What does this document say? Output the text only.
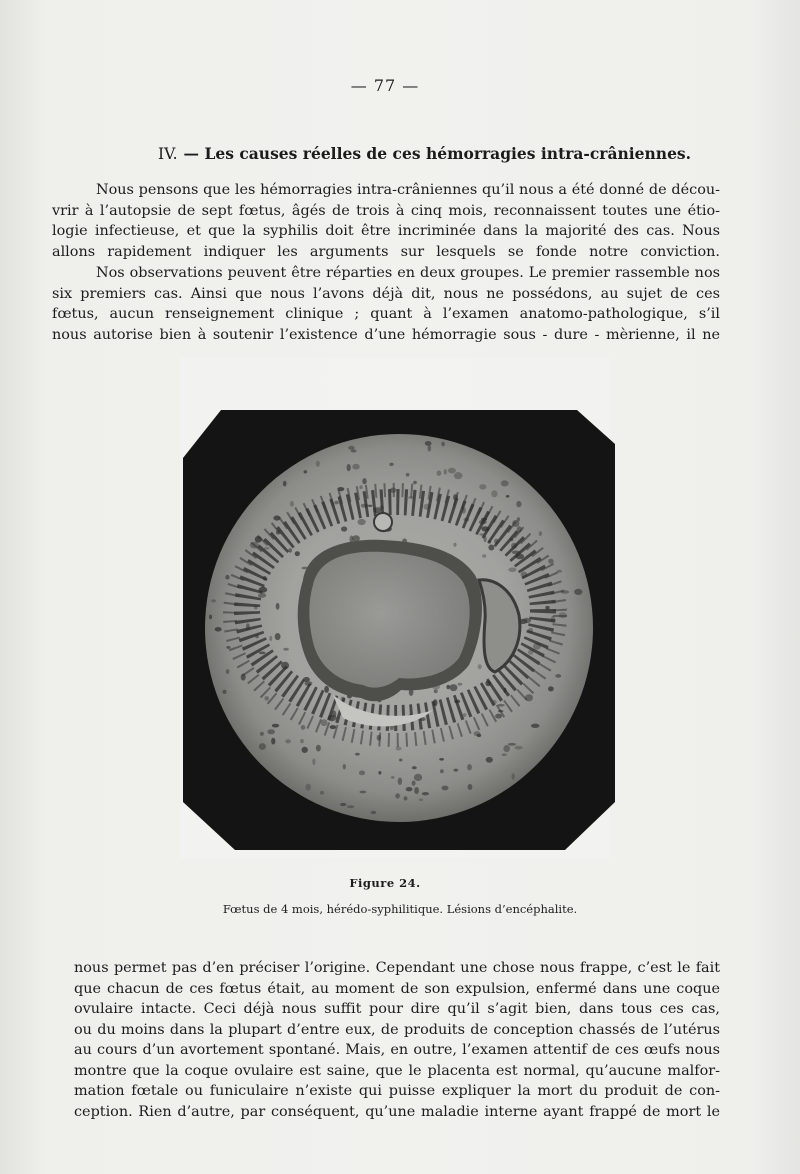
— 77 —
IV. — Les causes réelles de ces hémorragies intra-crâniennes.

Nous pensons que les hémorragies intra-crâniennes qu’il nous a été donné de décou-
vrir à l’autopsie de sept fœtus, âgés de trois à cinq mois, reconnaissent toutes une étio-
logie infectieuse, et que la syphilis doit être incriminée dans la majorité des cas. Nous
allons rapidement indiquer les arguments sur lesquels se fonde notre conviction.

Nos observations peuvent être réparties en deux groupes. Le premier rassemble nos
six premiers cas. Ainsi que nous l’avons déjà dit, nous ne possédons, au sujet de ces
fœtus, aucun renseignement clinique ; quant à l’examen anatomo-pathologique, s’il
nous autorise bien à soutenir l’existence d’une hémorragie sous - dure - mèrienne, il ne

Figure 24.
Fœtus de 4 mois, hérédo-syphilitique. Lésions d’encéphalite.

nous permet pas d’en préciser l’origine. Cependant une chose nous frappe, c’est le fait
que chacun de ces fœtus était, au moment de son expulsion, enfermé dans une coque
ovulaire intacte. Ceci déjà nous suffit pour dire qu’il s’agit bien, dans tous ces cas,
ou du moins dans la plupart d’entre eux, de produits de conception chassés de l’utérus
au cours d’un avortement spontané. Mais, en outre, l’examen attentif de ces œufs nous
montre que la coque ovulaire est saine, que le placenta est normal, qu’aucune malfor-
mation fœtale ou funiculaire n’existe qui puisse expliquer la mort du produit de con-
ception. Rien d’autre, par conséquent, qu’une maladie interne ayant frappé de mort le
